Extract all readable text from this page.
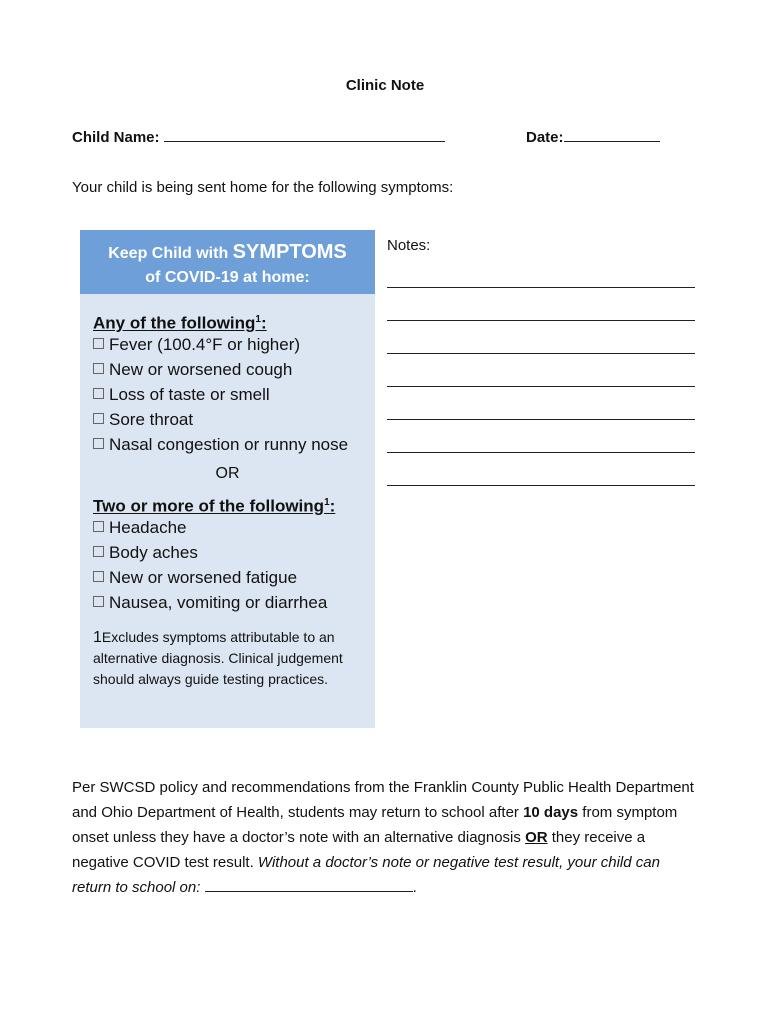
Clinic Note
Child Name:	Date:
Your child is being sent home for the following symptoms:
Keep Child with SYMPTOMS
of COVID-19 at home:
Any of the following$^1$:
Fever (100.4°F or higher)
New or worsened cough
Loss of taste or smell
Sore throat
Nasal congestion or runny nose
OR
Two or more of the following$^1$:
Headache
Body aches
New or worsened fatigue
Nausea, vomiting or diarrhea
1Excludes symptoms attributable to an alternative diagnosis. Clinical judgement should always guide testing practices.
Notes:
Per SWCSD policy and recommendations from the Franklin County Public Health Department and Ohio Department of Health, students may return to school after 10 days from symptom onset unless they have a doctor’s note with an alternative diagnosis OR they receive a negative COVID test result. Without a doctor’s note or negative test result, your child can return to school on:	.
